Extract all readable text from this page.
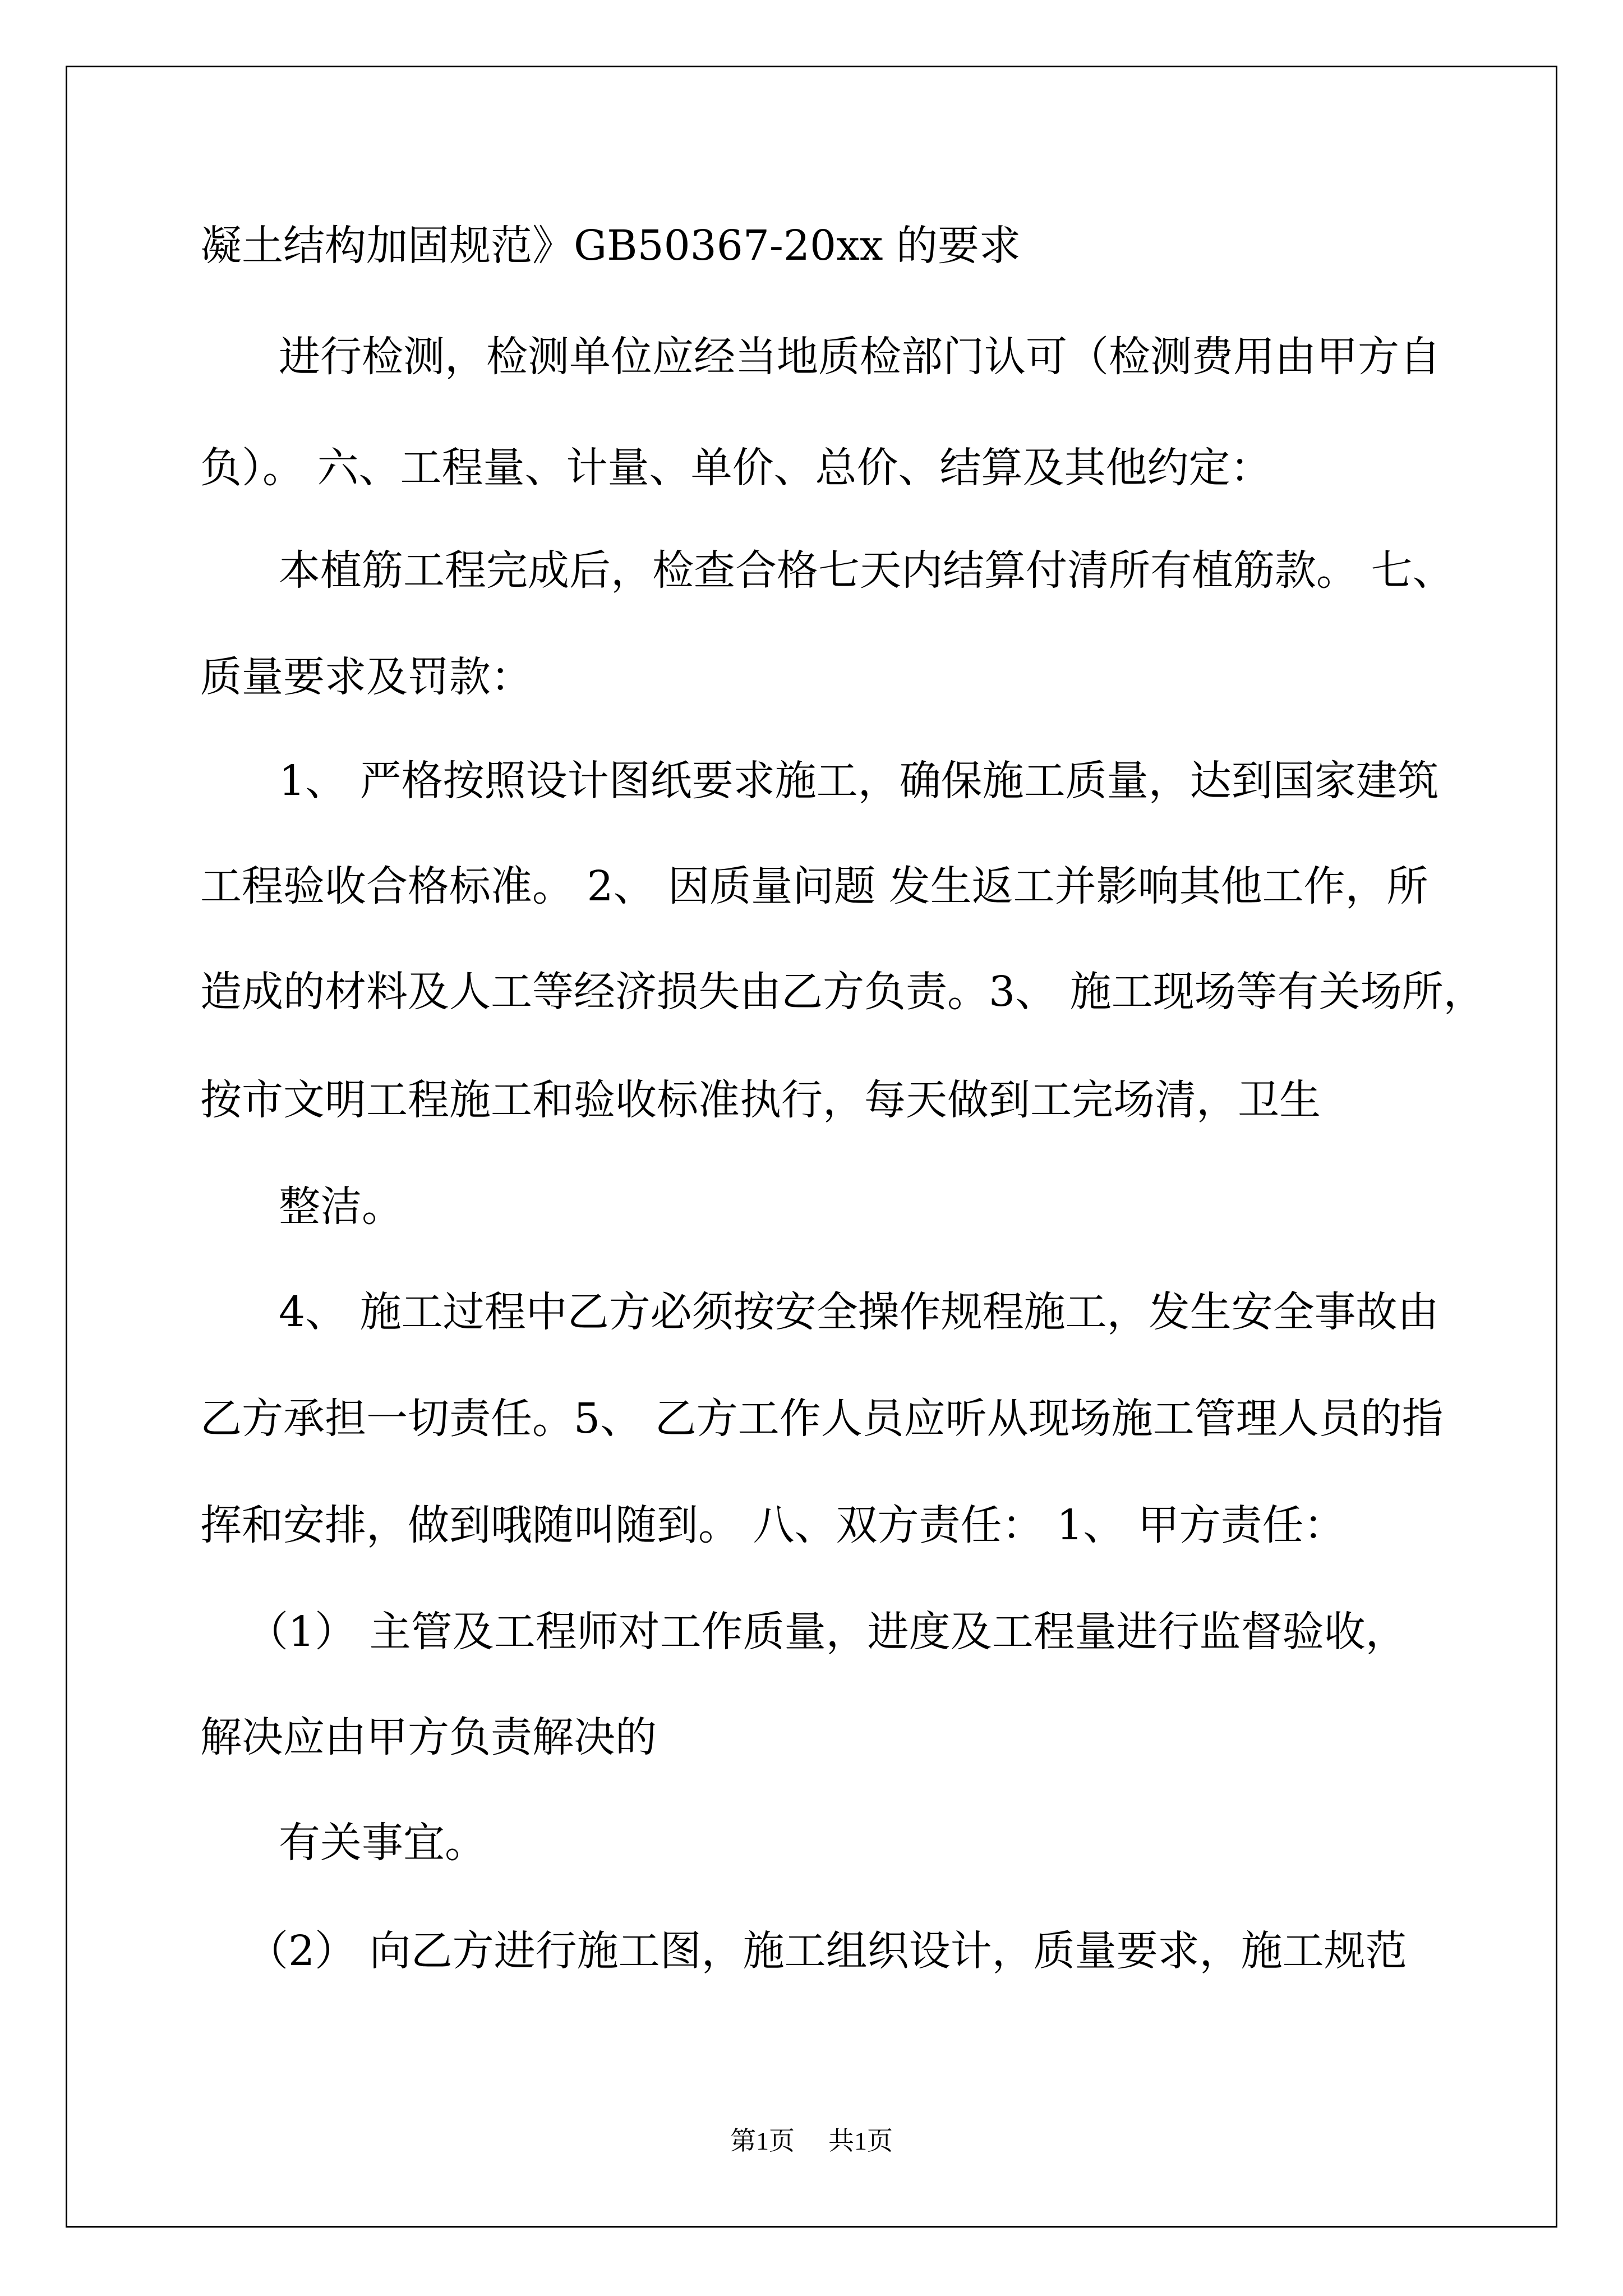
凝土结构加固规范》GB50367-20xx 的要求
进行检测，检测单位应经当地质检部门认可（检测费用由甲方自
负）。 六、工程量、计量、单价、总价、结算及其他约定：
本植筋工程完成后，检查合格七天内结算付清所有植筋款。 七、
质量要求及罚款：
1、 严格按照设计图纸要求施工，确保施工质量，达到国家建筑
工程验收合格标准。 2、 因质量问题 发生返工并影响其他工作，所
造成的材料及人工等经济损失由乙方负责。3、 施工现场等有关场所，
按市文明工程施工和验收标准执行，每天做到工完场清，卫生
整洁。
4、 施工过程中乙方必须按安全操作规程施工，发生安全事故由
乙方承担一切责任。5、 乙方工作人员应听从现场施工管理人员的指
挥和安排，做到哦随叫随到。 八、双方责任： 1、 甲方责任：
（1） 主管及工程师对工作质量，进度及工程量进行监督验收，
解决应由甲方负责解决的
有关事宜。
（2） 向乙方进行施工图，施工组织设计，质量要求，施工规范
第1页 共1页
